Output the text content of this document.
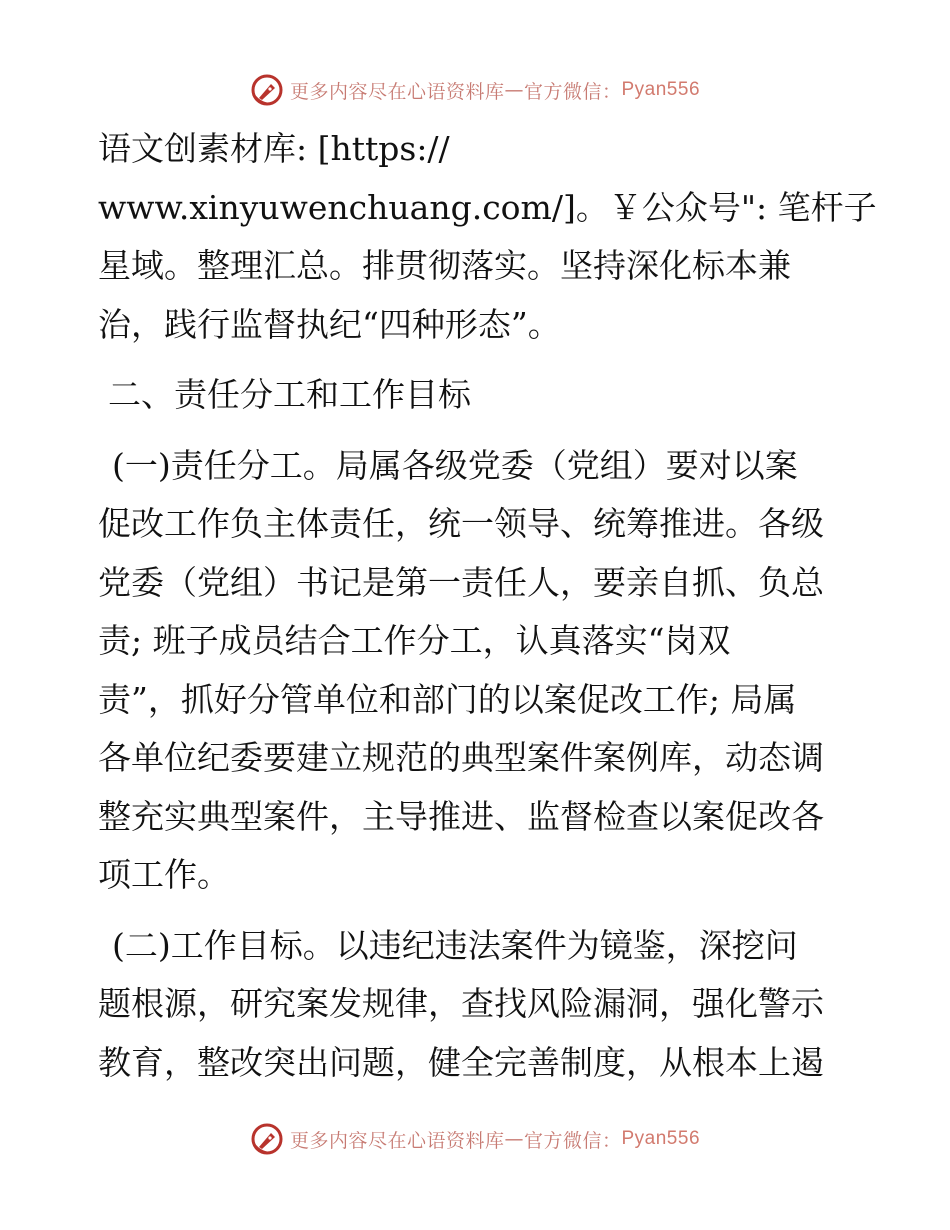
更多内容尽在心语资料库 — 官方微信： Pyan556
语文创素材库: [https://
www.xinyuwenchuang.com/]。￥公众号": 笔杆子
星域。整理汇总。排贯彻落实。坚持深化标本兼
治，践行监督执纪“四种形态”。
二、责任分工和工作目标
(一)责任分工。局属各级党委（党组）要对以案
促改工作负主体责任，统一领导、统筹推进。各级
党委（党组）书记是第一责任人，要亲自抓、负总
责; 班子成员结合工作分工，认真落实“岗双
责”，抓好分管单位和部门的以案促改工作; 局属
各单位纪委要建立规范的典型案件案例库，动态调
整充实典型案件，主导推进、监督检查以案促改各
项工作。
(二)工作目标。以违纪违法案件为镜鉴，深挖问
题根源，研究案发规律，查找风险漏洞，强化警示
教育，整改突出问题，健全完善制度，从根本上遏
更多内容尽在心语资料库 — 官方微信： Pyan556
